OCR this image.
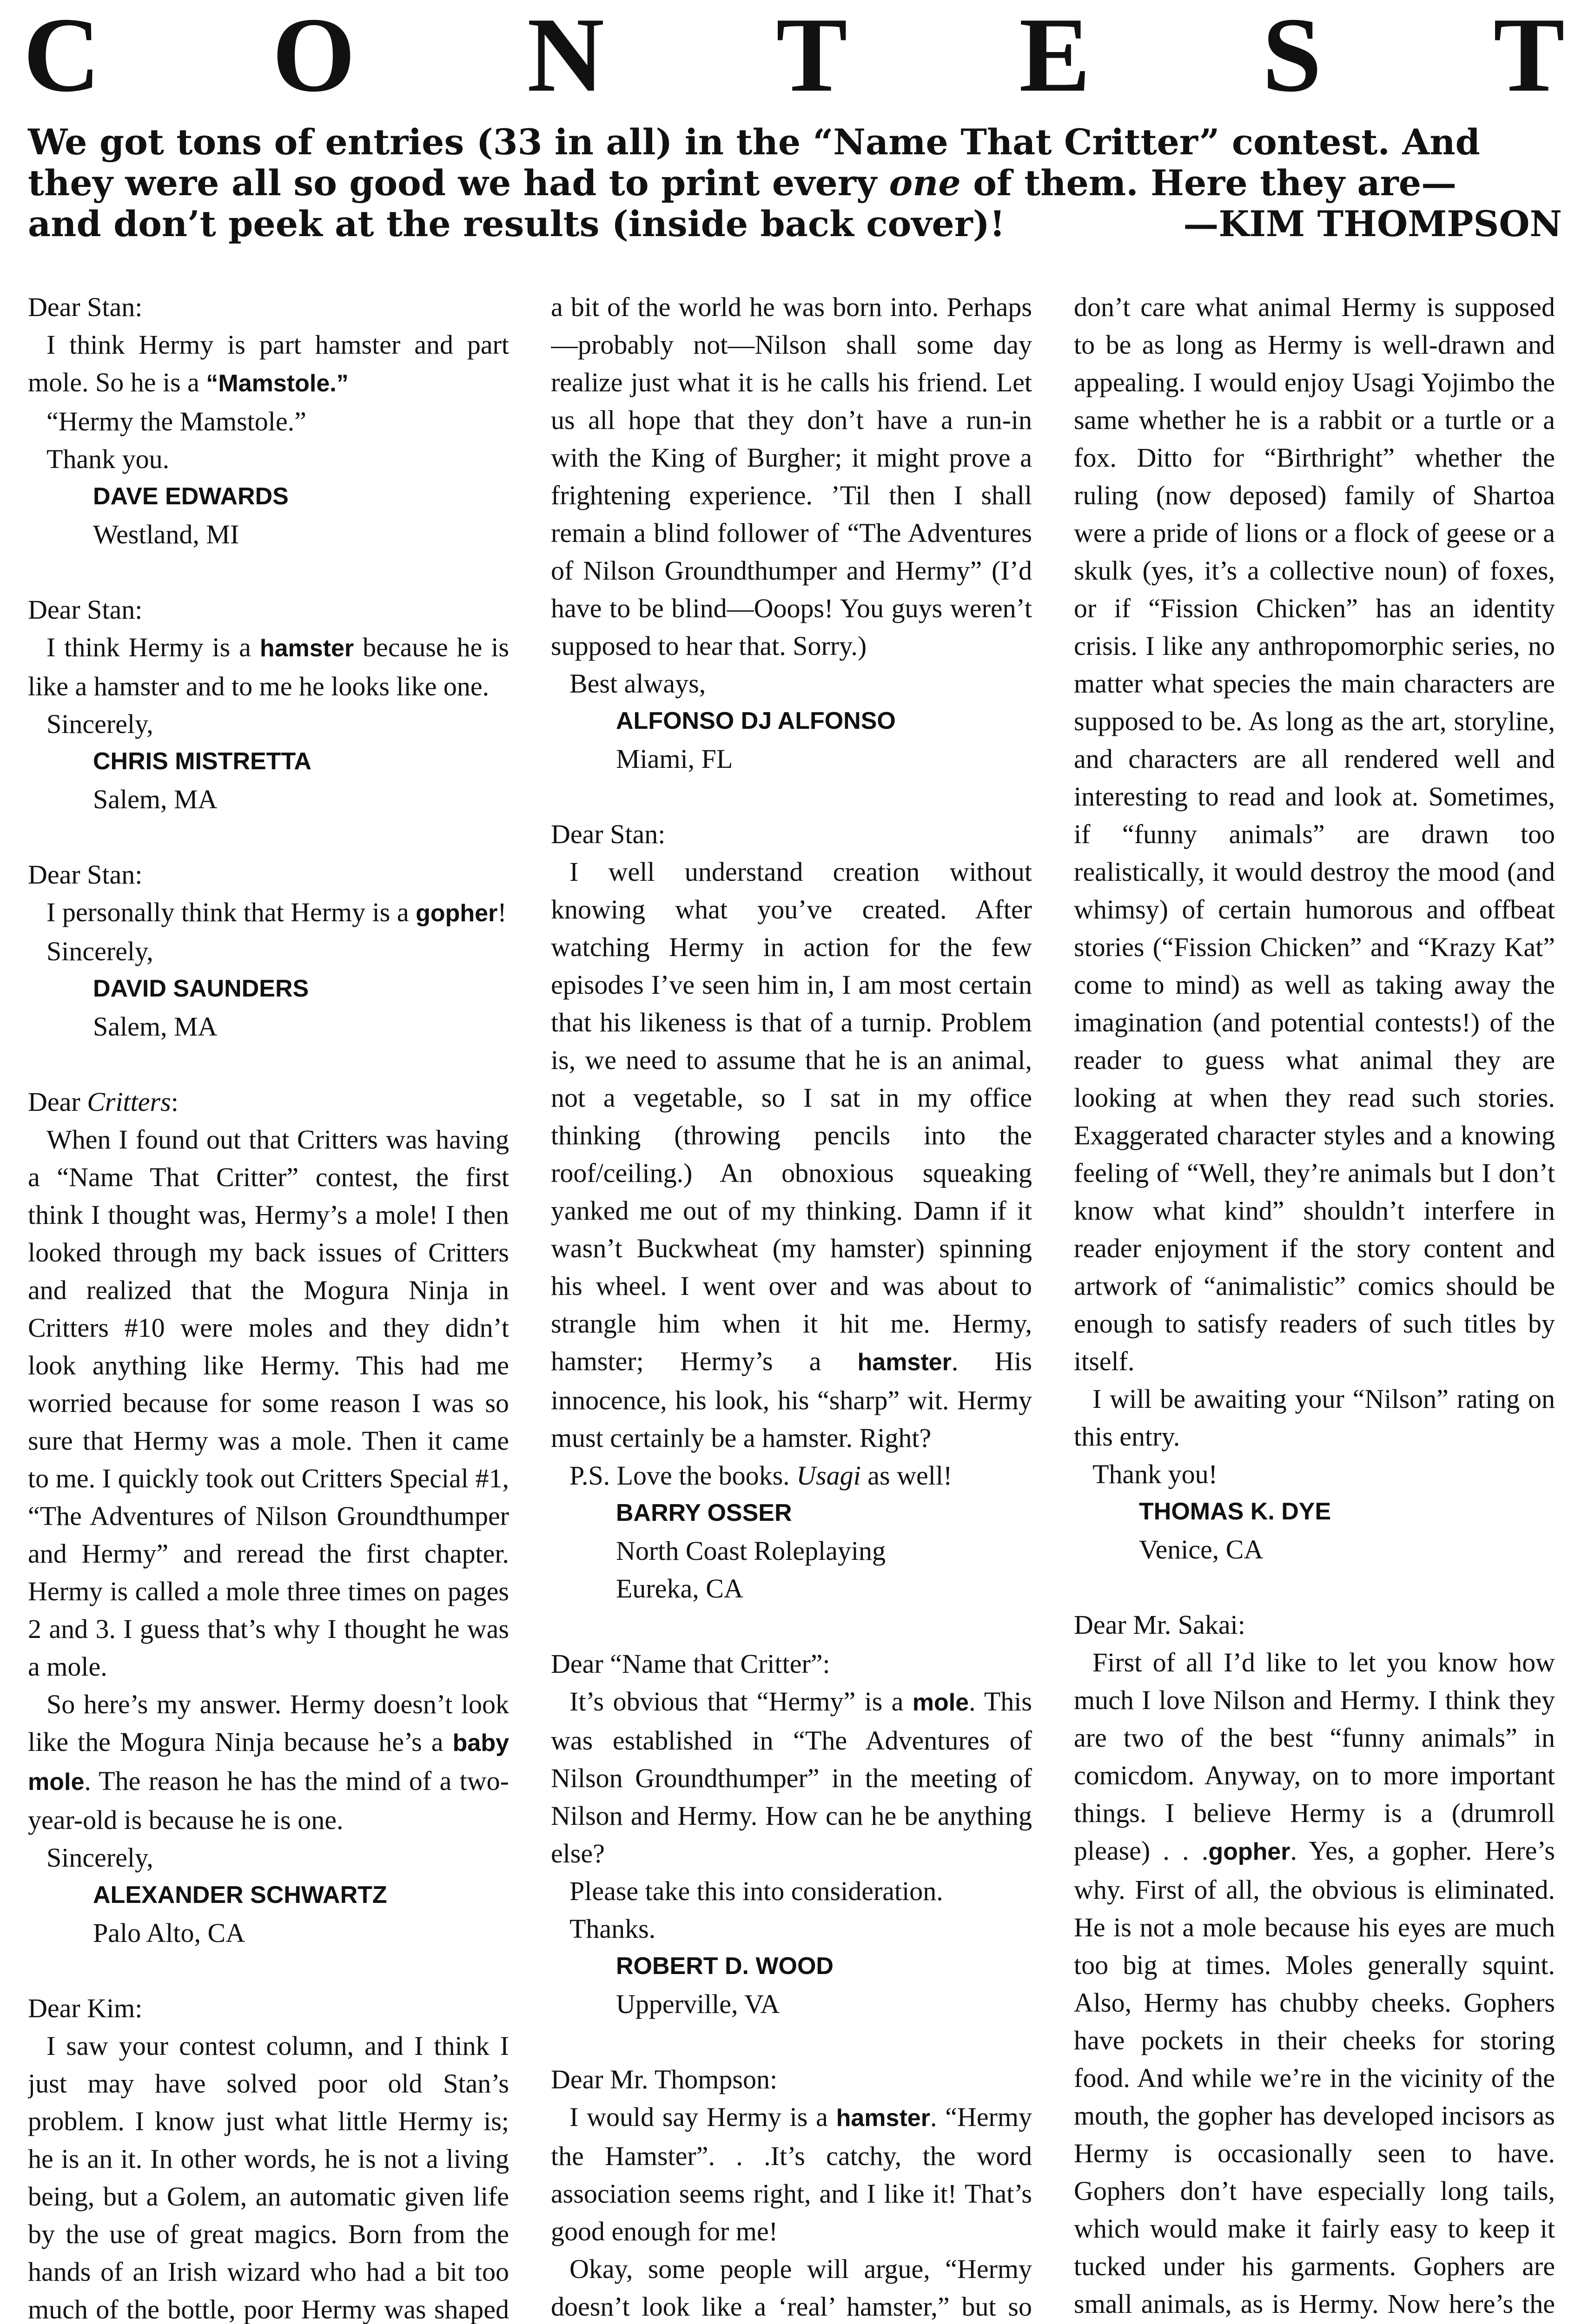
C O N T E S T
We got tons of entries (33 in all) in the “Name That Critter” contest. And
they were all so good we had to print every one of them. Here they are—
and don’t peek at the results (inside back cover)!	—KIM THOMPSON

Dear Stan:

I think Hermy is part hamster and part mole. So he is a “Mamstole.”

“Hermy the Mamstole.”

Thank you.

DAVE EDWARDS

Westland, MI

Dear Stan:

I think Hermy is a hamster because he is like a hamster and to me he looks like one.

Sincerely,

CHRIS MISTRETTA

Salem, MA

Dear Stan:

I personally think that Hermy is a gopher!

Sincerely,

DAVID SAUNDERS

Salem, MA

Dear Critters:

When I found out that Critters was having a “Name That Critter” contest, the first think I thought was, Hermy’s a mole! I then looked through my back issues of Critters and realized that the Mogura Ninja in Critters #10 were moles and they didn’t look anything like Hermy. This had me worried because for some reason I was so sure that Hermy was a mole. Then it came to me. I quickly took out Critters Special #1, “The Adventures of Nilson Groundthumper and Hermy” and reread the first chapter. Hermy is called a mole three times on pages 2 and 3. I guess that’s why I thought he was a mole.

So here’s my answer. Hermy doesn’t look like the Mogura Ninja because he’s a baby mole. The reason he has the mind of a two-year-old is because he is one.

Sincerely,

ALEXANDER SCHWARTZ

Palo Alto, CA

Dear Kim:

I saw your contest column, and I think I just may have solved poor old Stan’s problem. I know just what little Hermy is; he is an it. In other words, he is not a living being, but a Golem, an automatic given life by the use of great magics. Born from the hands of an Irish wizard who had a bit too much of the bottle, poor Hermy was shaped

a bit of the world he was born into. Perhaps—probably not—Nilson shall some day realize just what it is he calls his friend. Let us all hope that they don’t have a run-in with the King of Burgher; it might prove a frightening experience. ’Til then I shall remain a blind follower of “The Adventures of Nilson Groundthumper and Hermy” (I’d have to be blind—Ooops! You guys weren’t supposed to hear that. Sorry.)

Best always,

ALFONSO DJ ALFONSO

Miami, FL

Dear Stan:

I well understand creation without knowing what you’ve created. After watching Hermy in action for the few episodes I’ve seen him in, I am most certain that his likeness is that of a turnip. Problem is, we need to assume that he is an animal, not a vegetable, so I sat in my office thinking (throwing pencils into the roof/ceiling.) An obnoxious squeaking yanked me out of my thinking. Damn if it wasn’t Buckwheat (my hamster) spinning his wheel. I went over and was about to strangle him when it hit me. Hermy, hamster; Hermy’s a hamster. His innocence, his look, his “sharp” wit. Hermy must certainly be a hamster. Right?

P.S. Love the books. Usagi as well!

BARRY OSSER

North Coast Roleplaying

Eureka, CA

Dear “Name that Critter”:

It’s obvious that “Hermy” is a mole. This was established in “The Adventures of Nilson Groundthumper” in the meeting of Nilson and Hermy. How can he be anything else?

Please take this into consideration.

Thanks.

ROBERT D. WOOD

Upperville, VA

Dear Mr. Thompson:

I would say Hermy is a hamster. “Hermy the Hamster”. . .It’s catchy, the word association seems right, and I like it! That’s good enough for me!

Okay, some people will argue, “Hermy doesn’t look like a ‘real’ hamster,” but so

don’t care what animal Hermy is supposed to be as long as Hermy is well-drawn and appealing. I would enjoy Usagi Yojimbo the same whether he is a rabbit or a turtle or a fox. Ditto for “Birthright” whether the ruling (now deposed) family of Shartoa were a pride of lions or a flock of geese or a skulk (yes, it’s a collective noun) of foxes, or if “Fission Chicken” has an identity crisis. I like any anthropomorphic series, no matter what species the main characters are supposed to be. As long as the art, storyline, and characters are all rendered well and interesting to read and look at. Sometimes, if “funny animals” are drawn too realistically, it would destroy the mood (and whimsy) of certain humorous and offbeat stories (“Fission Chicken” and “Krazy Kat” come to mind) as well as taking away the imagination (and potential contests!) of the reader to guess what animal they are looking at when they read such stories. Exaggerated character styles and a knowing feeling of “Well, they’re animals but I don’t know what kind” shouldn’t interfere in reader enjoyment if the story content and artwork of “animalistic” comics should be enough to satisfy readers of such titles by itself.

I will be awaiting your “Nilson” rating on this entry.

Thank you!

THOMAS K. DYE

Venice, CA

Dear Mr. Sakai:

First of all I’d like to let you know how much I love Nilson and Hermy. I think they are two of the best “funny animals” in comicdom. Anyway, on to more important things. I believe Hermy is a (drumroll please) . . .gopher. Yes, a gopher. Here’s why. First of all, the obvious is eliminated. He is not a mole because his eyes are much too big at times. Moles generally squint. Also, Hermy has chubby cheeks. Gophers have pockets in their cheeks for storing food. And while we’re in the vicinity of the mouth, the gopher has developed incisors as Hermy is occasionally seen to have. Gophers don’t have especially long tails, which would make it fairly easy to keep it tucked under his garments. Gophers are small animals, as is Hermy. Now here’s the
